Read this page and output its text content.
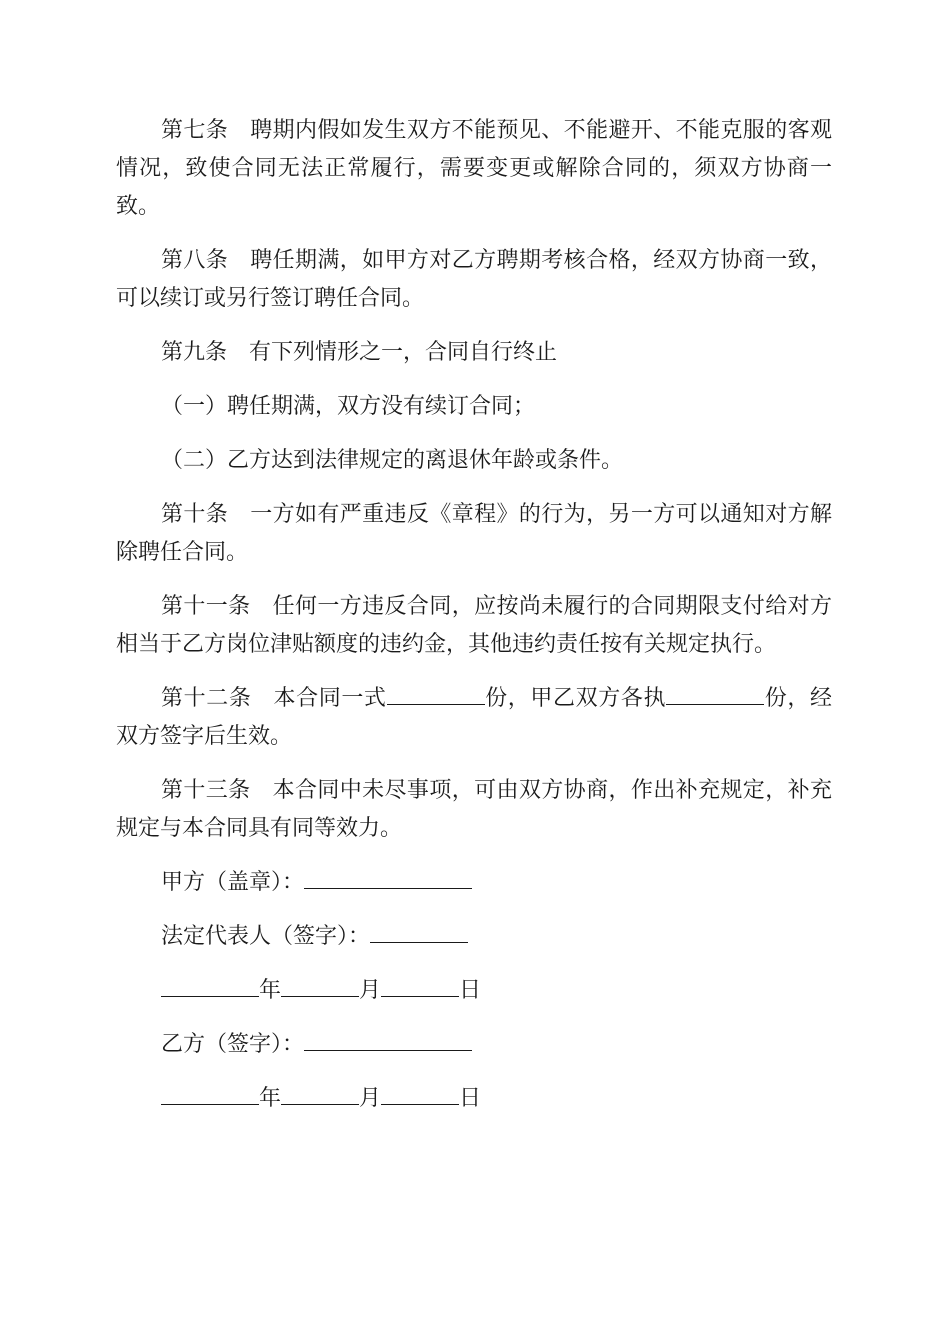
第七条 聘期内假如发生双方不能预见、不能避开、不能克服的客观情况，致使合同无法正常履行，需要变更或解除合同的，须双方协商一致。

第八条 聘任期满，如甲方对乙方聘期考核合格，经双方协商一致，可以续订或另行签订聘任合同。

第九条 有下列情形之一，合同自行终止

（一）聘任期满，双方没有续订合同；

（二）乙方达到法律规定的离退休年龄或条件。

第十条 一方如有严重违反《章程》的行为，另一方可以通知对方解除聘任合同。

第十一条 任何一方违反合同，应按尚未履行的合同期限支付给对方相当于乙方岗位津贴额度的违约金，其他违约责任按有关规定执行。

第十二条 本合同一式	份，甲乙双方各执	份，经双方签字后生效。

第十三条 本合同中未尽事项，可由双方协商，作出补充规定，补充规定与本合同具有同等效力。

甲方（盖章）：

法定代表人（签字）：

年	月	日

乙方（签字）：

年	月	日
